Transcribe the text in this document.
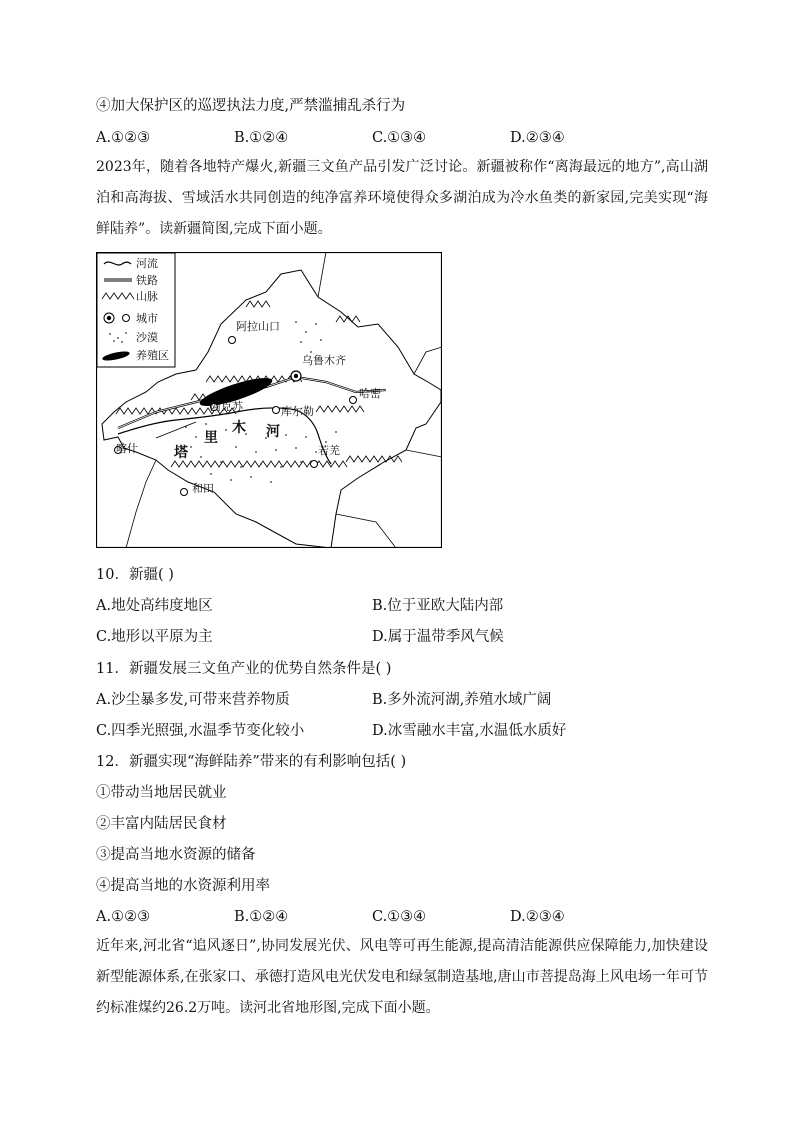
④加大保护区的巡逻执法力度,严禁滥捕乱杀行为
A.①②③	B.①②④	C.①③④	D.②③④
2023年，随着各地特产爆火,新疆三文鱼产品引发广泛讨论。新疆被称作“离海最远的地方”,高山湖泊和高海拔、雪域活水共同创造的纯净富养环境使得众多湖泊成为冷水鱼类的新家园,完美实现“海鲜陆养”。读新疆简图,完成下面小题。
阿拉山口
乌鲁木齐
哈密
阿克苏	库尔勒
喀什	若羌
和田
塔
里
木 河
河流
铁路
山脉
城市
沙漠
养殖区
10．新疆( )
A.地处高纬度地区	B.位于亚欧大陆内部
C.地形以平原为主	D.属于温带季风气候
11．新疆发展三文鱼产业的优势自然条件是( )
A.沙尘暴多发,可带来营养物质	B.多外流河湖,养殖水域广阔
C.四季光照强,水温季节变化较小	D.冰雪融水丰富,水温低水质好
12．新疆实现“海鲜陆养”带来的有利影响包括( )
①带动当地居民就业
②丰富内陆居民食材
③提高当地水资源的储备
④提高当地的水资源利用率
A.①②③	B.①②④	C.①③④	D.②③④
近年来,河北省“追风逐日”,协同发展光伏、风电等可再生能源,提高清洁能源供应保障能力,加快建设新型能源体系,在张家口、承德打造风电光伏发电和绿氢制造基地,唐山市菩提岛海上风电场一年可节约标准煤约26.2万吨。读河北省地形图,完成下面小题。
